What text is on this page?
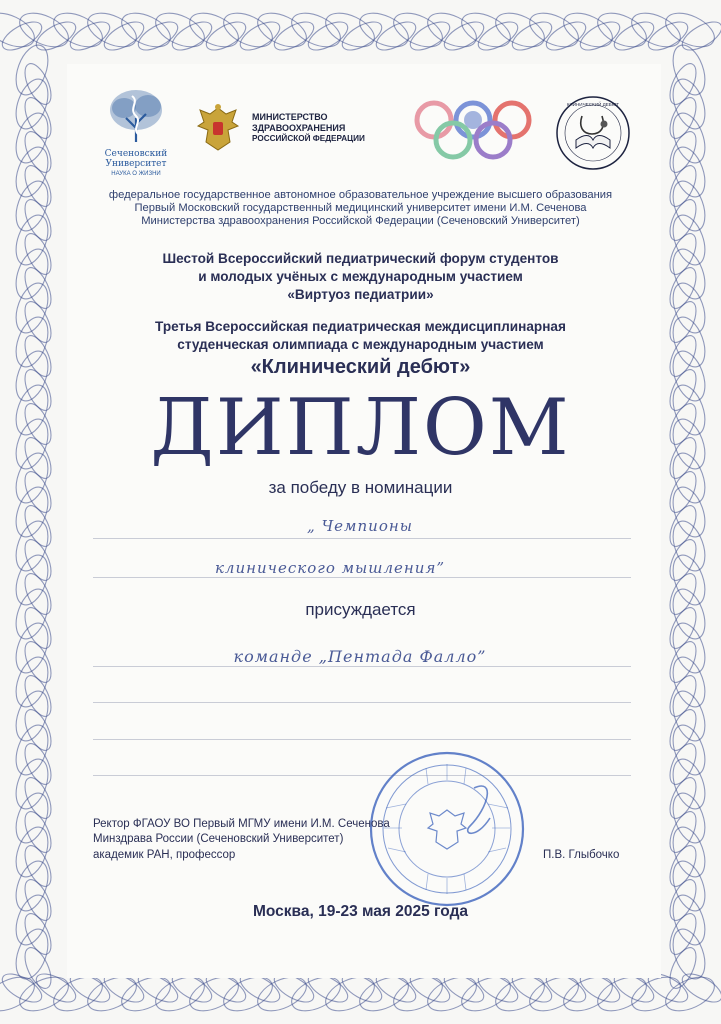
Сеченовский
Университет
НАУКА О ЖИЗНИ
МИНИСТЕРСТВО
ЗДРАВООХРАНЕНИЯ
РОССИЙСКОЙ ФЕДЕРАЦИИ
КЛИНИЧЕСКИЙ ДЕБЮТ
федеральное государственное автономное образовательное учреждение высшего образования
Первый Московский государственный медицинский университет имени И.М. Сеченова
Министерства здравоохранения Российской Федерации (Сеченовский Университет)
Шестой Всероссийский педиатрический форум студентов
и молодых учёных с международным участием
«Виртуоз педиатрии»
Третья Всероссийская педиатрическая междисциплинарная
студенческая олимпиада с международным участием
«Клинический дебют»
ДИПЛОМ
за победу в номинации
„ Чемпионы
клинического мышления”
присуждается
команде „Пентада Фалло”
Ректор ФГАОУ ВО Первый МГМУ имени И.М. Сеченова
Минздрава России (Сеченовский Университет)
академик РАН, профессор	П.В. Глыбочко
Москва, 19-23 мая 2025 года
